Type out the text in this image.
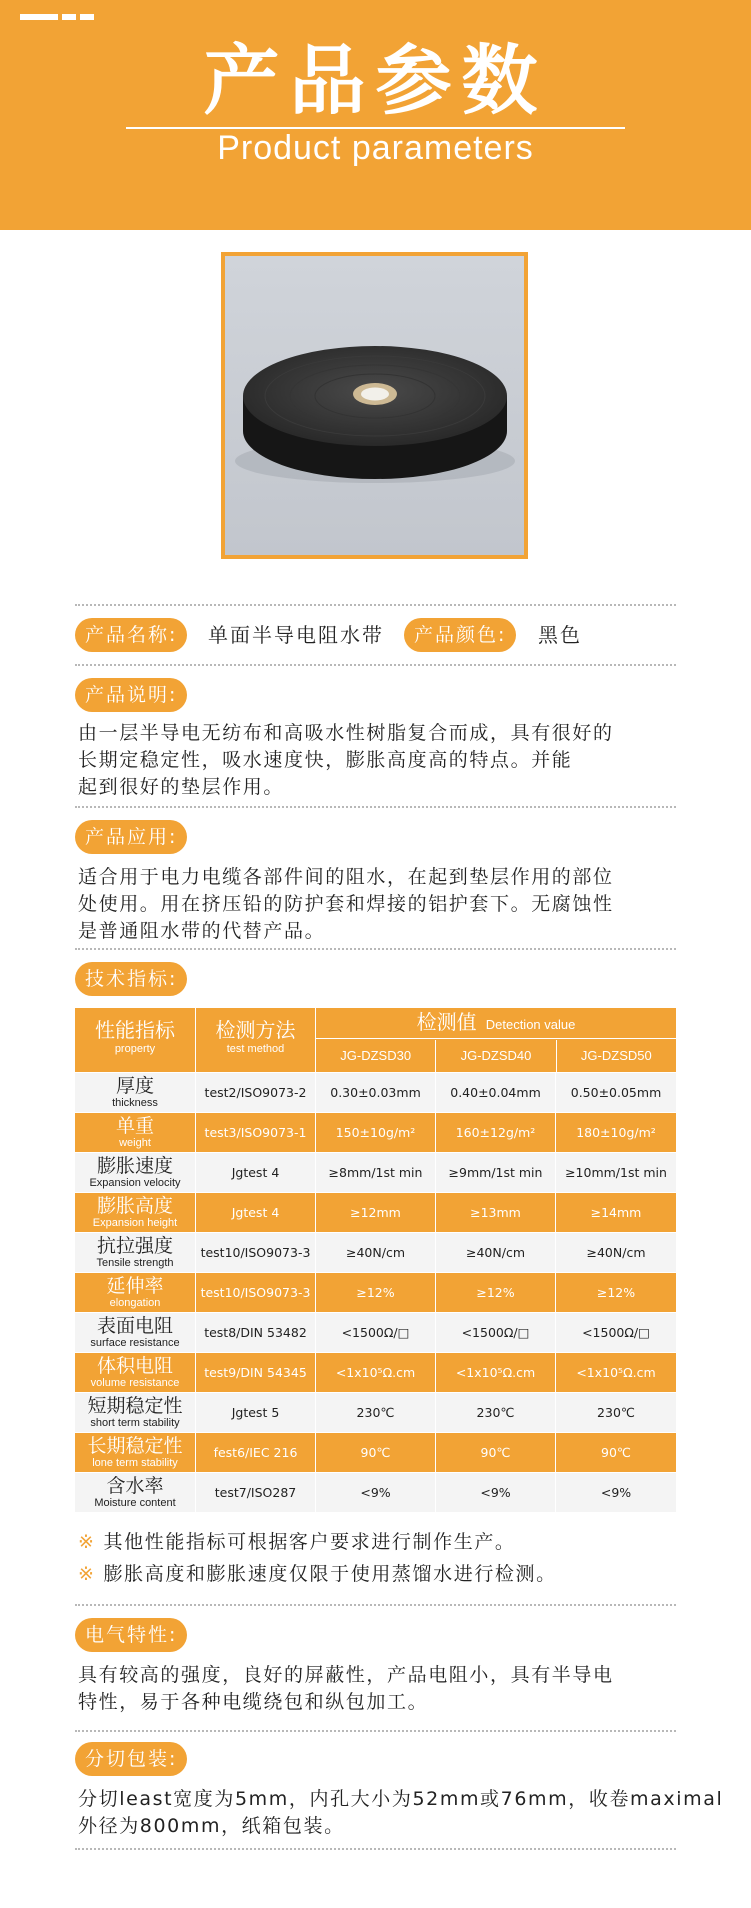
产品参数
Product parameters
产品名称:	单面半导电阻水带	产品颜色:	黑色
产品说明:
由一层半导电无纺布和高吸水性树脂复合而成，具有很好的
长期定稳定性，吸水速度快，膨胀高度高的特点。并能
起到很好的垫层作用。
产品应用:
适合用于电力电缆各部件间的阻水，在起到垫层作用的部位
处使用。用在挤压铅的防护套和焊接的铝护套下。无腐蚀性
是普通阻水带的代替产品。
技术指标:
性能指标
property
检测方法
test method
检测值 Detection value
JG-DZSD30	JG-DZSD40	JG-DZSD50
厚度
thickness
test2/ISO9073-2	0.30±0.03mm	0.40±0.04mm	0.50±0.05mm
单重
weight
test3/ISO9073-1	150±10g/m²	160±12g/m²	180±10g/m²
膨胀速度
Expansion velocity
Jgtest 4	≥8mm/1st min	≥9mm/1st min	≥10mm/1st min
膨胀高度
Expansion height
Jgtest 4	≥12mm	≥13mm	≥14mm
抗拉强度
Tensile strength
test10/ISO9073-3	≥40N/cm	≥40N/cm	≥40N/cm
延伸率
elongation
test10/ISO9073-3	≥12%	≥12%	≥12%
表面电阻
surface resistance
test8/DIN 53482	<1500Ω/□	<1500Ω/□	<1500Ω/□
体积电阻
volume resistance
test9/DIN 54345	<1x10⁵Ω.cm	<1x10⁵Ω.cm	<1x10⁵Ω.cm
短期稳定性
short term stability
Jgtest 5	230℃	230℃	230℃
长期稳定性
lone term stability
fest6/IEC 216	90℃	90℃	90℃
含水率
Moisture content
test7/ISO287	<9%	<9%	<9%
※ 其他性能指标可根据客户要求进行制作生产。
※ 膨胀高度和膨胀速度仅限于使用蒸馏水进行检测。
电气特性:
具有较高的强度，良好的屏蔽性，产品电阻小，具有半导电
特性，易于各种电缆绕包和纵包加工。
分切包装:
分切least宽度为5mm，内孔大小为52mm或76mm，收卷maximal
外径为800mm，纸箱包装。
